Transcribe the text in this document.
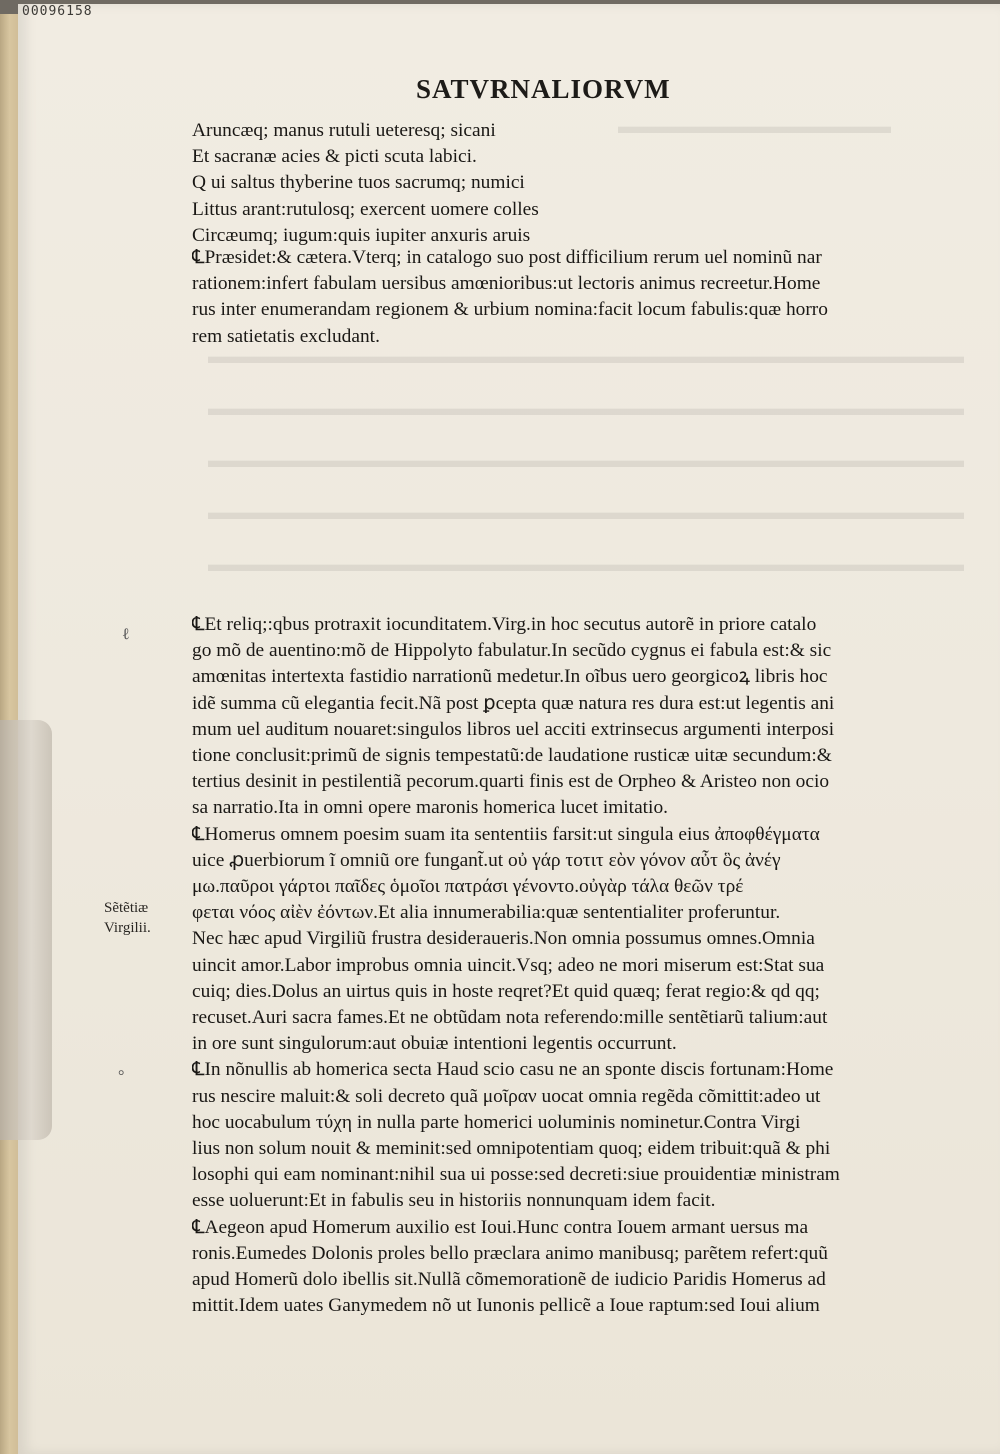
▬▬▬▬▬▬▬▬▬▬▬▬▬
▬▬▬▬▬▬▬▬▬▬▬▬▬▬▬▬▬▬▬▬▬▬▬▬▬▬▬▬▬▬▬▬▬▬▬▬
▬▬▬▬▬▬▬▬▬▬▬▬▬▬▬▬▬▬▬▬▬▬▬▬▬▬▬▬▬▬▬▬▬▬▬▬
▬▬▬▬▬▬▬▬▬▬▬▬▬▬▬▬▬▬▬▬▬▬▬▬▬▬▬▬▬▬▬▬▬▬▬▬
▬▬▬▬▬▬▬▬▬▬▬▬▬▬▬▬▬▬▬▬▬▬▬▬▬▬▬▬▬▬▬▬▬▬▬▬
▬▬▬▬▬▬▬▬▬▬▬▬▬▬▬▬▬▬▬▬▬▬▬▬▬▬▬▬▬▬▬▬▬▬▬▬
00096158
SATVRNALIORVM
Aruncæq; manus rutuli ueteresq; sicani
Et sacranæ acies & picti scuta labici.
Q ui saltus thyberine tuos sacrumq; numici
Littus arant:rutulosq; exercent uomere colles
Circæumq; iugum:quis iupiter anxuris aruis
℄Præsidet:& cætera.Vterq; in catalogo suo post difficilium rerum uel nominũ nar
rationem:infert fabulam uersibus amœnioribus:ut lectoris animus recreetur.Home
rus inter enumerandam regionem & urbium nomina:facit locum fabulis:quæ horro
rem satietatis excludant.
ℓ
°
℄Et reliq;:qbus protraxit iocunditatem.Virg.in hoc secutus autorẽ in priore catalo
go mõ de auentino:mõ de Hippolyto fabulatur.In secũdo cygnus ei fabula est:& sic
amœnitas intertexta fastidio narrationũ medetur.In oĩbus uero georgicoꝝ libris hoc
idẽ summa cũ elegantia fecit.Nã post ꝑcepta quæ natura res dura est:ut legentis ani
mum uel auditum nouaret:singulos libros uel acciti extrinsecus argumenti interposi
tione conclusit:primũ de signis tempestatũ:de laudatione rusticæ uitæ secundum:&
tertius desinit in pestilentiã pecorum.quarti finis est de Orpheo & Aristeo non ocio
sa narratio.Ita in omni opere maronis homerica lucet imitatio.
℄Homerus omnem poesim suam ita sententiis farsit:ut singula eius ἀποφθέγματα
uice ꝓuerbiorum ĩ omniũ ore fungant̃.ut οὐ γάρ τοτιτ εὸν γόνον αὖτ ὃς ἀνέγ
μω.παῦροι γάρτοι παῖδες ὁμοῖοι πατράσι γένοντο.οὐγὰρ τάλα θεῶν τρέ
φεται νόος αἰὲν ἐόντων.Et alia innumerabilia:quæ sententialiter proferuntur.
Nec hæc apud Virgiliũ frustra desideraueris.Non omnia possumus omnes.Omnia
uincit amor.Labor improbus omnia uincit.Vsq; adeo ne mori miserum est:Stat sua
cuiq; dies.Dolus an uirtus quis in hoste reqret?Et quid quæq; ferat regio:& qd qq;
recuset.Auri sacra fames.Et ne obtũdam nota referendo:mille sentẽtiarũ talium:aut
in ore sunt singulorum:aut obuiæ intentioni legentis occurrunt.
℄In nõnullis ab homerica secta Haud scio casu ne an sponte discis fortunam:Home
rus nescire maluit:& soli decreto quã μοῖραν uocat omnia regẽda cõmittit:adeo ut
hoc uocabulum τύχη in nulla parte homerici uoluminis nominetur.Contra Virgi
lius non solum nouit & meminit:sed omnipotentiam quoq; eidem tribuit:quã & phi
losophi qui eam nominant:nihil sua ui posse:sed decreti:siue prouidentiæ ministram
esse uoluerunt:Et in fabulis seu in historiis nonnunquam idem facit.
℄Aegeon apud Homerum auxilio est Ioui.Hunc contra Iouem armant uersus ma
ronis.Eumedes Dolonis proles bello præclara animo manibusq; parẽtem refert:quũ
apud Homerũ dolo ibellis sit.Nullã cõmemorationẽ de iudicio Paridis Homerus ad
mittit.Idem uates Ganymedem nõ ut Iunonis pellicẽ a Ioue raptum:sed Ioui alium
Sẽtẽtiæ
Virgilii.
